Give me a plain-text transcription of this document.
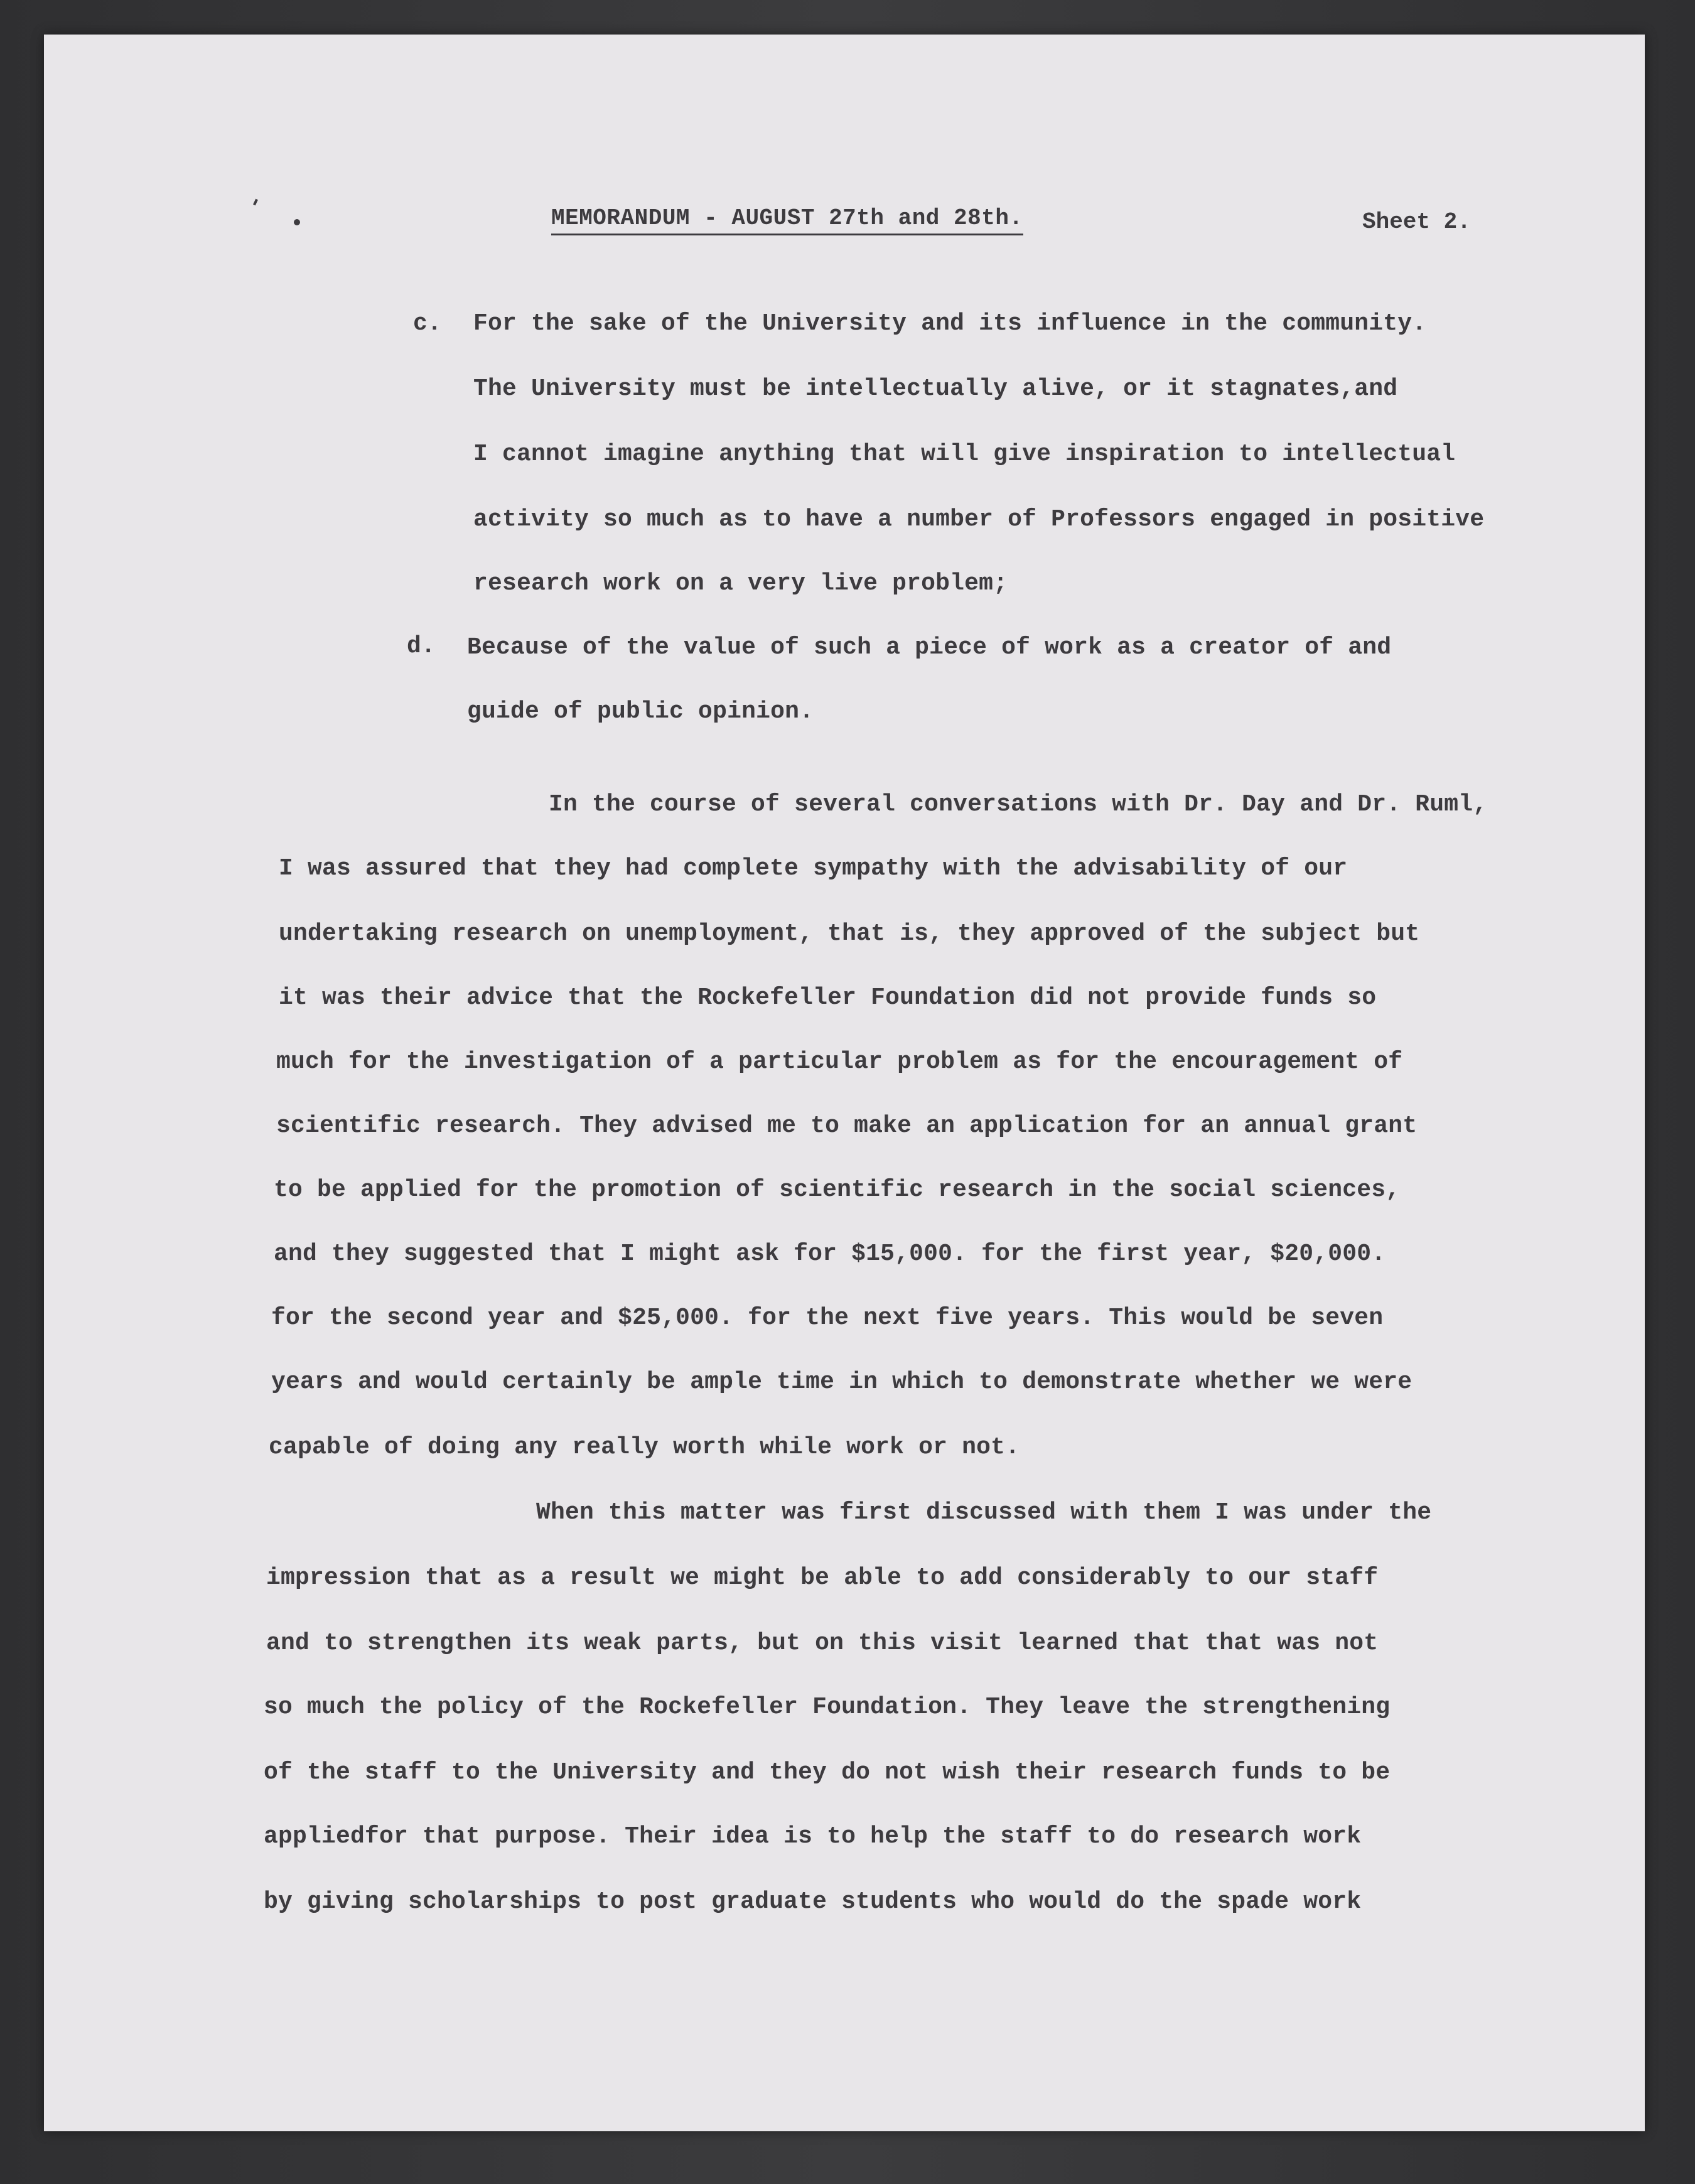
MEMORANDUM - AUGUST 27th and 28th.	Sheet 2.
c. For the sake of the University and its influence in the community.
The University must be intellectually alive, or it stagnates,and
I cannot imagine anything that will give inspiration to intellectual
activity so much as to have a number of Professors engaged in positive
research work on a very live problem;
d. Because of the value of such a piece of work as a creator of and
guide of public opinion.
In the course of several conversations with Dr. Day and Dr. Ruml,
I was assured that they had complete sympathy with the advisability of our
undertaking research on unemployment, that is, they approved of the subject but
it was their advice that the Rockefeller Foundation did not provide funds so
much for the investigation of a particular problem as for the encouragement of
scientific research. They advised me to make an application for an annual grant
to be applied for the promotion of scientific research in the social sciences,
and they suggested that I might ask for $15,000. for the first year, $20,000.
for the second year and $25,000. for the next five years. This would be seven
years and would certainly be ample time in which to demonstrate whether we were
capable of doing any really worth while work or not.
When this matter was first discussed with them I was under the
impression that as a result we might be able to add considerably to our staff
and to strengthen its weak parts, but on this visit learned that that was not
so much the policy of the Rockefeller Foundation. They leave the strengthening
of the staff to the University and they do not wish their research funds to be
appliedfor that purpose. Their idea is to help the staff to do research work
by giving scholarships to post graduate students who would do the spade work
